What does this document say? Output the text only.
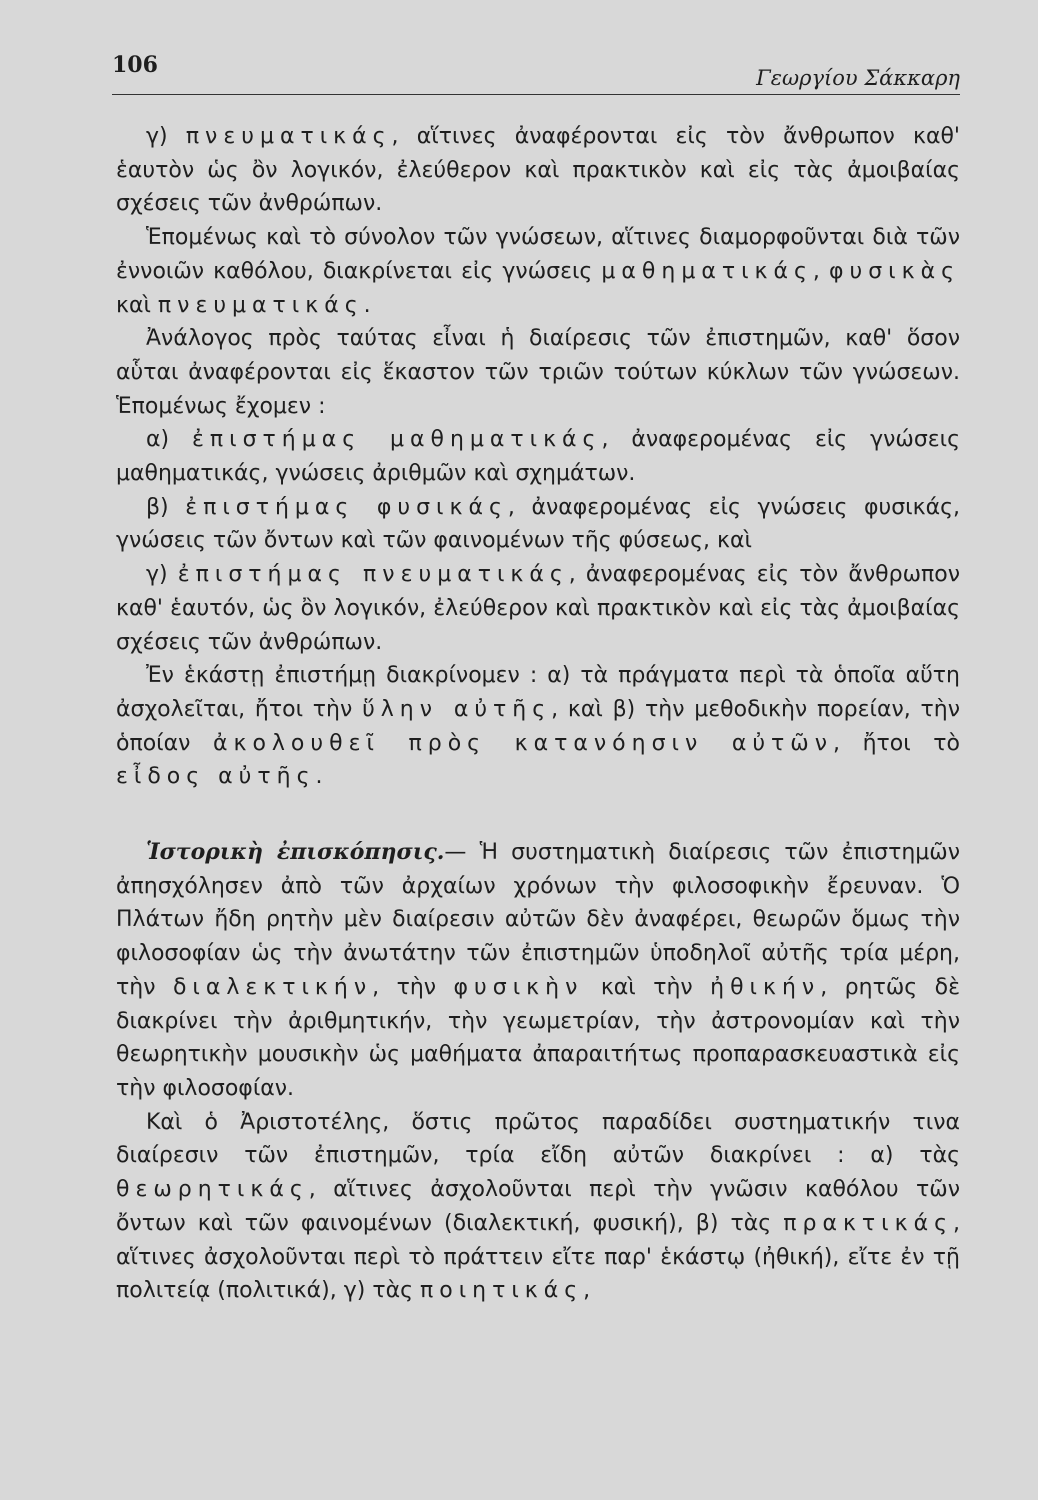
106	Γεωργίου Σάκκαρη

γ) πνευματικάς, αἵτινες ἀναφέρονται εἰς τὸν ἄνθρωπον καθ' ἑαυτὸν ὡς ὂν λογικόν, ἐλεύθερον καὶ πρακτικὸν καὶ εἰς τὰς ἀμοιβαίας σχέσεις τῶν ἀνθρώπων.

Ἑπομένως καὶ τὸ σύνολον τῶν γνώσεων, αἵτινες διαμορφοῦνται διὰ τῶν ἐννοιῶν καθόλου, διακρίνεται εἰς γνώσεις μαθηματικάς, φυσικὰς καὶ πνευματικάς.

Ἀνάλογος πρὸς ταύτας εἶναι ἡ διαίρεσις τῶν ἐπιστημῶν, καθ' ὅσον αὗται ἀναφέρονται εἰς ἕκαστον τῶν τριῶν τούτων κύκλων τῶν γνώσεων. Ἑπομένως ἔχομεν :

α) ἐπιστήμας μαθηματικάς, ἀναφερομένας εἰς γνώσεις μαθηματικάς, γνώσεις ἀριθμῶν καὶ σχημάτων.

β) ἐπιστήμας φυσικάς, ἀναφερομένας εἰς γνώσεις φυσικάς, γνώσεις τῶν ὄντων καὶ τῶν φαινομένων τῆς φύσεως, καὶ

γ) ἐπιστήμας πνευματικάς, ἀναφερομένας εἰς τὸν ἄνθρωπον καθ' ἑαυτόν, ὡς ὂν λογικόν, ἐλεύθερον καὶ πρακτικὸν καὶ εἰς τὰς ἀμοιβαίας σχέσεις τῶν ἀνθρώπων.

Ἐν ἑκάστῃ ἐπιστήμῃ διακρίνομεν : α) τὰ πράγματα περὶ τὰ ὁποῖα αὕτη ἀσχολεῖται, ἤτοι τὴν ὕλην αὐτῆς, καὶ β) τὴν μεθοδικὴν πορείαν, τὴν ὁποίαν ἀκολουθεῖ πρὸς κατανόησιν αὐτῶν, ἤτοι τὸ εἶδος αὐτῆς.

Ἱστορικὴ ἐπισκόπησις.— Ἡ συστηματικὴ διαίρεσις τῶν ἐπιστημῶν ἀπησχόλησεν ἀπὸ τῶν ἀρχαίων χρόνων τὴν φιλοσοφικὴν ἔρευναν. Ὁ Πλάτων ἤδη ρητὴν μὲν διαίρεσιν αὐτῶν δὲν ἀναφέρει, θεωρῶν ὅμως τὴν φιλοσοφίαν ὡς τὴν ἀνωτάτην τῶν ἐπιστημῶν ὑποδηλοῖ αὐτῆς τρία μέρη, τὴν διαλεκτικήν, τὴν φυσικὴν καὶ τὴν ἠθικήν, ρητῶς δὲ διακρίνει τὴν ἀριθμητικήν, τὴν γεωμετρίαν, τὴν ἀστρονομίαν καὶ τὴν θεωρητικὴν μουσικὴν ὡς μαθήματα ἀπαραιτήτως προπαρασκευαστικὰ εἰς τὴν φιλοσοφίαν.

Καὶ ὁ Ἀριστοτέλης, ὅστις πρῶτος παραδίδει συστηματικήν τινα διαίρεσιν τῶν ἐπιστημῶν, τρία εἴδη αὐτῶν διακρίνει : α) τὰς θεωρητικάς, αἵτινες ἀσχολοῦνται περὶ τὴν γνῶσιν καθόλου τῶν ὄντων καὶ τῶν φαινομένων (διαλεκτική, φυσική), β) τὰς πρακτικάς, αἵτινες ἀσχολοῦνται περὶ τὸ πράττειν εἴτε παρ' ἑκάστῳ (ἠθική), εἴτε ἐν τῇ πολιτείᾳ (πολιτικά), γ) τὰς ποιητικάς,
